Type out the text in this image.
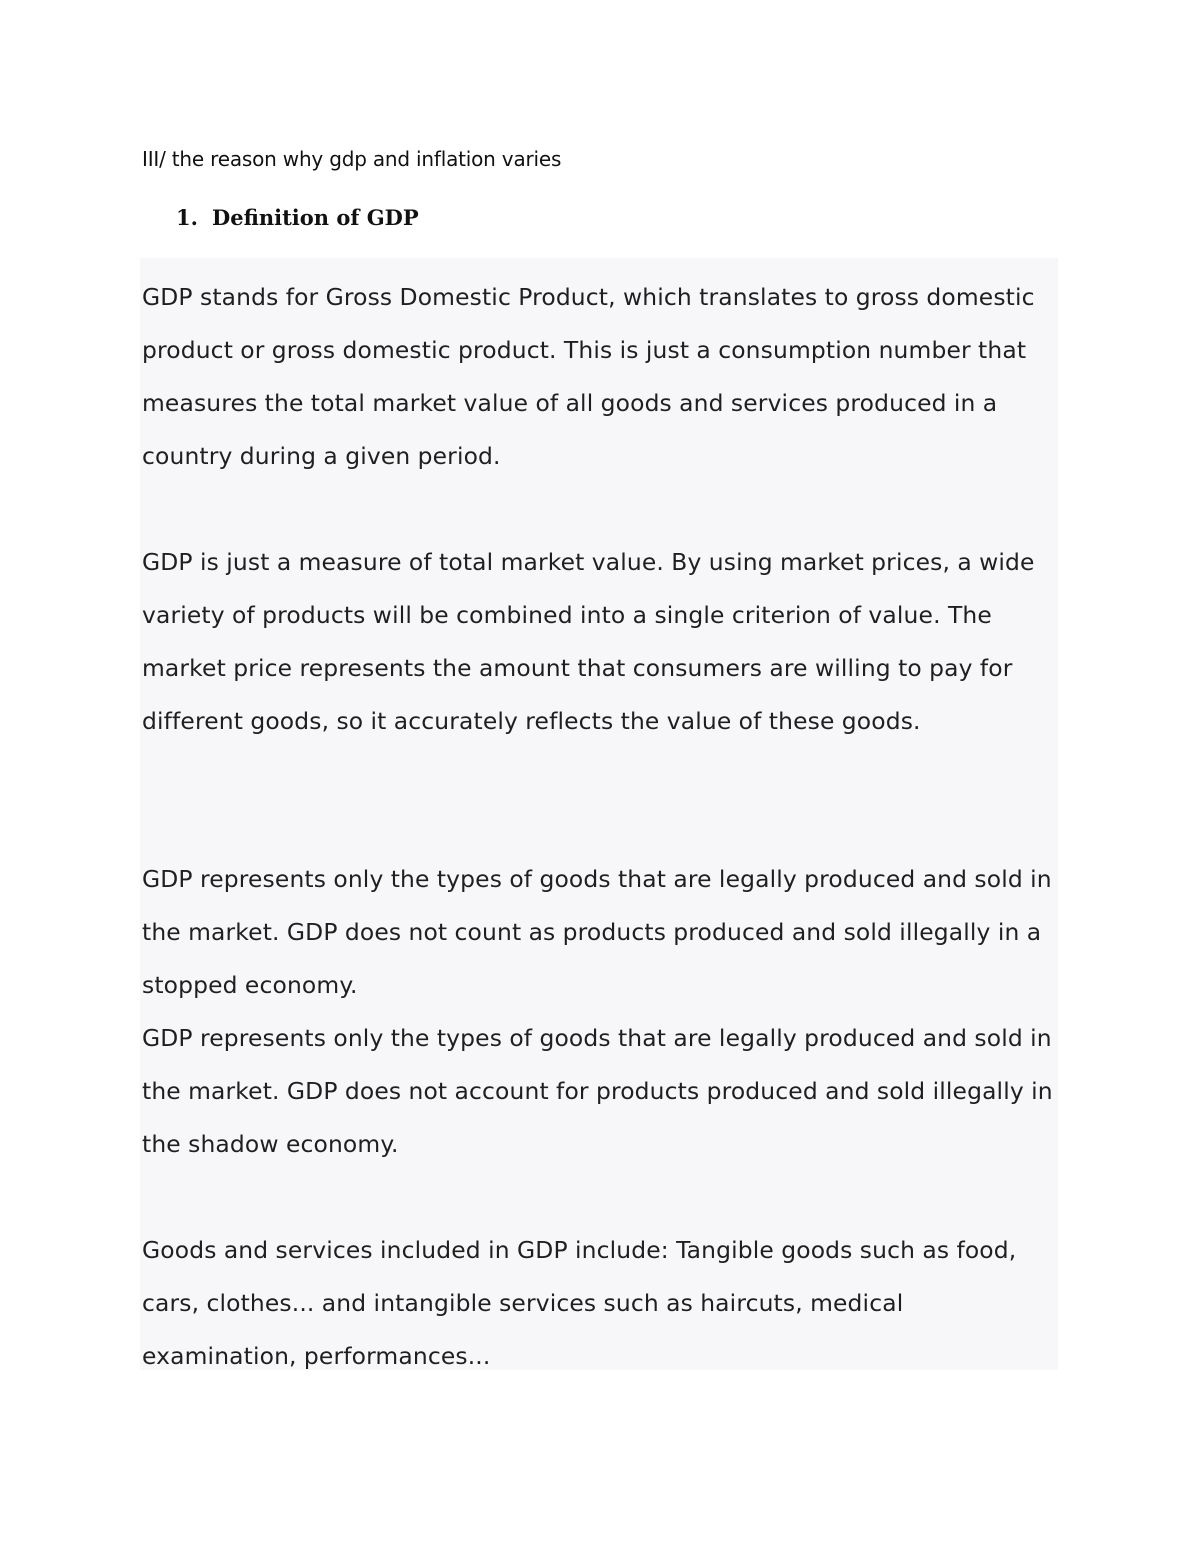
III/ the reason why gdp and inflation varies
1. Definition of GDP

GDP stands for Gross Domestic Product, which translates to gross domestic product or gross domestic product. This is just a consumption number that measures the total market value of all goods and services produced in a country during a given period.

GDP is just a measure of total market value. By using market prices, a wide variety of products will be combined into a single criterion of value. The market price represents the amount that consumers are willing to pay for different goods, so it accurately reflects the value of these goods.

GDP represents only the types of goods that are legally produced and sold in the market. GDP does not count as products produced and sold illegally in a stopped economy.

GDP represents only the types of goods that are legally produced and sold in the market. GDP does not account for products produced and sold illegally in the shadow economy.

Goods and services included in GDP include: Tangible goods such as food, cars, clothes... and intangible services such as haircuts, medical examination, performances...
